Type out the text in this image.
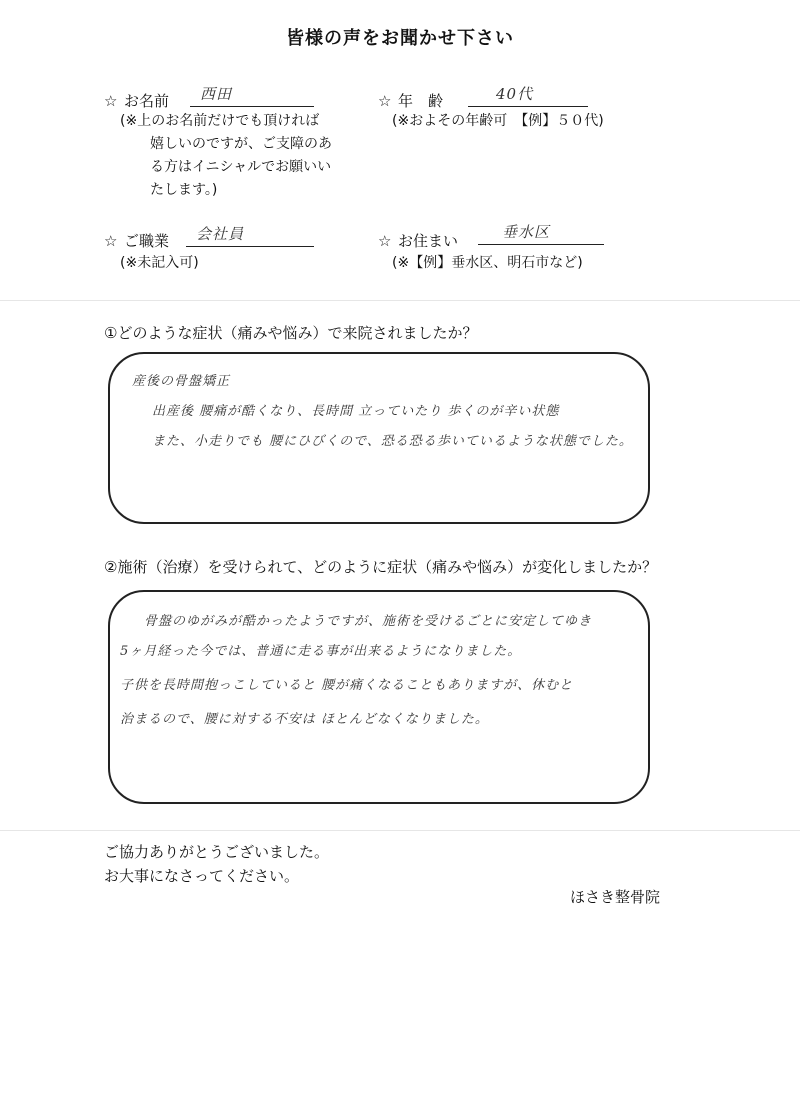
皆様の声をお聞かせ下さい
☆ お名前 西田
(※上のお名前だけでも頂ければ
嬉しいのですが、ご支障のあ
る方はイニシャルでお願いい
たします。)
☆ 年　齢	40代
(※およその年齢可　【例】５０代)
☆ ご職業 会社員
(※未記入可)
☆ お住まい	垂水区
(※【例】垂水区、明石市など)
①どのような症状（痛みや悩み）で来院されましたか？
産後の骨盤矯正
出産後 腰痛が酷くなり、長時間 立っていたり 歩くのが辛い状態
また、小走りでも 腰にひびくので、恐る恐る歩いているような状態でした。
②施術（治療）を受けられて、どのように症状（痛みや悩み）が変化しましたか？
骨盤のゆがみが酷かったようですが、施術を受けるごとに安定してゆき
5ヶ月経った今では、普通に走る事が出来るようになりました。
子供を長時間抱っこしていると 腰が痛くなることもありますが、休むと
治まるので、腰に対する不安は ほとんどなくなりました。
ご協力ありがとうございました。
お大事になさってください。
ほさき整骨院
